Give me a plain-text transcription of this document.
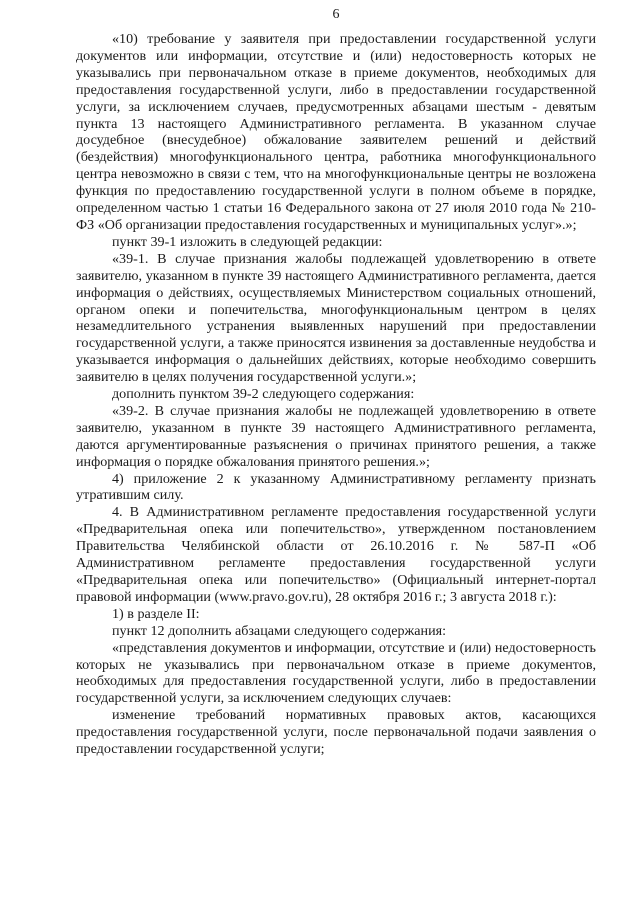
6

«10) требование у заявителя при предоставлении государственной услуги документов или информации, отсутствие и (или) недостоверность которых не указывались при первоначальном отказе в приеме документов, необходимых для предоставления государственной услуги, либо в предоставлении государственной услуги, за исключением случаев, предусмотренных абзацами шестым - девятым пункта 13 настоящего Административного регламента. В указанном случае досудебное (внесудебное) обжалование заявителем решений и действий (бездействия) многофункционального центра, работника многофункционального центра невозможно в связи с тем, что на многофункциональные центры не возложена функция по предоставлению государственной услуги в полном объеме в порядке, определенном частью 1 статьи 16 Федерального закона от 27 июля 2010 года № 210-ФЗ «Об организации предоставления государственных и муниципальных услуг».»;

пункт 39-1 изложить в следующей редакции:

«39-1. В случае признания жалобы подлежащей удовлетворению в ответе заявителю, указанном в пункте 39 настоящего Административного регламента, дается информация о действиях, осуществляемых Министерством социальных отношений, органом опеки и попечительства, многофункциональным центром в целях незамедлительного устранения выявленных нарушений при предоставлении государственной услуги, а также приносятся извинения за доставленные неудобства и указывается информация о дальнейших действиях, которые необходимо совершить заявителю в целях получения государственной услуги.»;

дополнить пунктом 39-2 следующего содержания:

«39-2. В случае признания жалобы не подлежащей удовлетворению в ответе заявителю, указанном в пункте 39 настоящего Административного регламента, даются аргументированные разъяснения о причинах принятого решения, а также информация о порядке обжалования принятого решения.»;

4) приложение 2 к указанному Административному регламенту признать утратившим силу.

4. В Административном регламенте предоставления государственной услуги «Предварительная опека или попечительство», утвержденном постановлением Правительства Челябинской области от 26.10.2016 г. № 587-П «Об Административном регламенте предоставления государственной услуги «Предварительная опека или попечительство» (Официальный интернет-портал правовой информации (www.pravo.gov.ru), 28 октября 2016 г.; 3 августа 2018 г.):

1) в разделе II:

пункт 12 дополнить абзацами следующего содержания:

«представления документов и информации, отсутствие и (или) недостоверность которых не указывались при первоначальном отказе в приеме документов, необходимых для предоставления государственной услуги, либо в предоставлении государственной услуги, за исключением следующих случаев:

изменение требований нормативных правовых актов, касающихся предоставления государственной услуги, после первоначальной подачи заявления о предоставлении государственной услуги;
